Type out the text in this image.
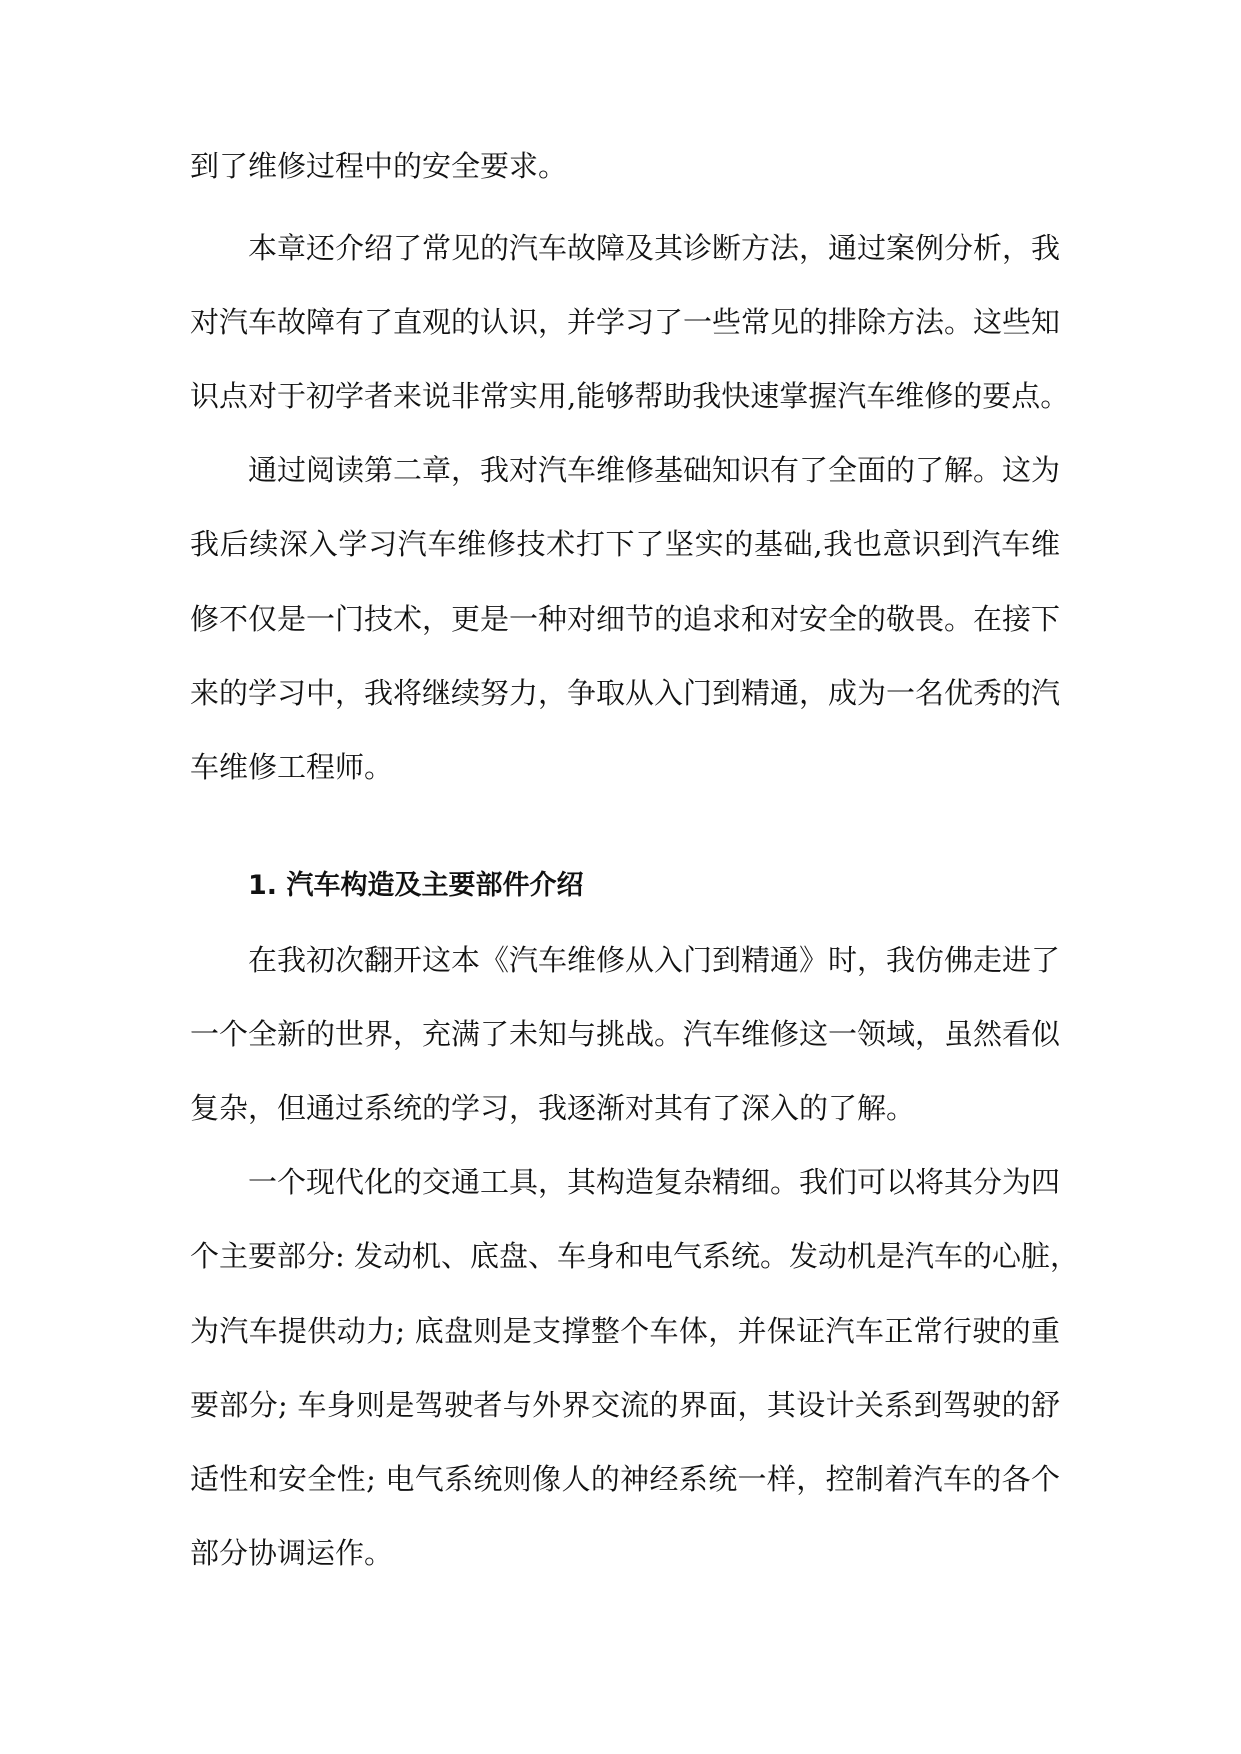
到了维修过程中的安全要求。

本章还介绍了常见的汽车故障及其诊断方法，通过案例分析，我

对汽车故障有了直观的认识，并学习了一些常见的排除方法。这些知

识点对于初学者来说非常实用,能够帮助我快速掌握汽车维修的要点。

通过阅读第二章，我对汽车维修基础知识有了全面的了解。这为

我后续深入学习汽车维修技术打下了坚实的基础,我也意识到汽车维

修不仅是一门技术，更是一种对细节的追求和对安全的敬畏。在接下

来的学习中，我将继续努力，争取从入门到精通，成为一名优秀的汽

车维修工程师。

1. 汽车构造及主要部件介绍

在我初次翻开这本《汽车维修从入门到精通》时，我仿佛走进了

一个全新的世界，充满了未知与挑战。汽车维修这一领域，虽然看似

复杂，但通过系统的学习，我逐渐对其有了深入的了解。

一个现代化的交通工具，其构造复杂精细。我们可以将其分为四

个主要部分: 发动机、底盘、车身和电气系统。发动机是汽车的心脏，

为汽车提供动力; 底盘则是支撑整个车体，并保证汽车正常行驶的重

要部分; 车身则是驾驶者与外界交流的界面，其设计关系到驾驶的舒

适性和安全性; 电气系统则像人的神经系统一样，控制着汽车的各个

部分协调运作。
